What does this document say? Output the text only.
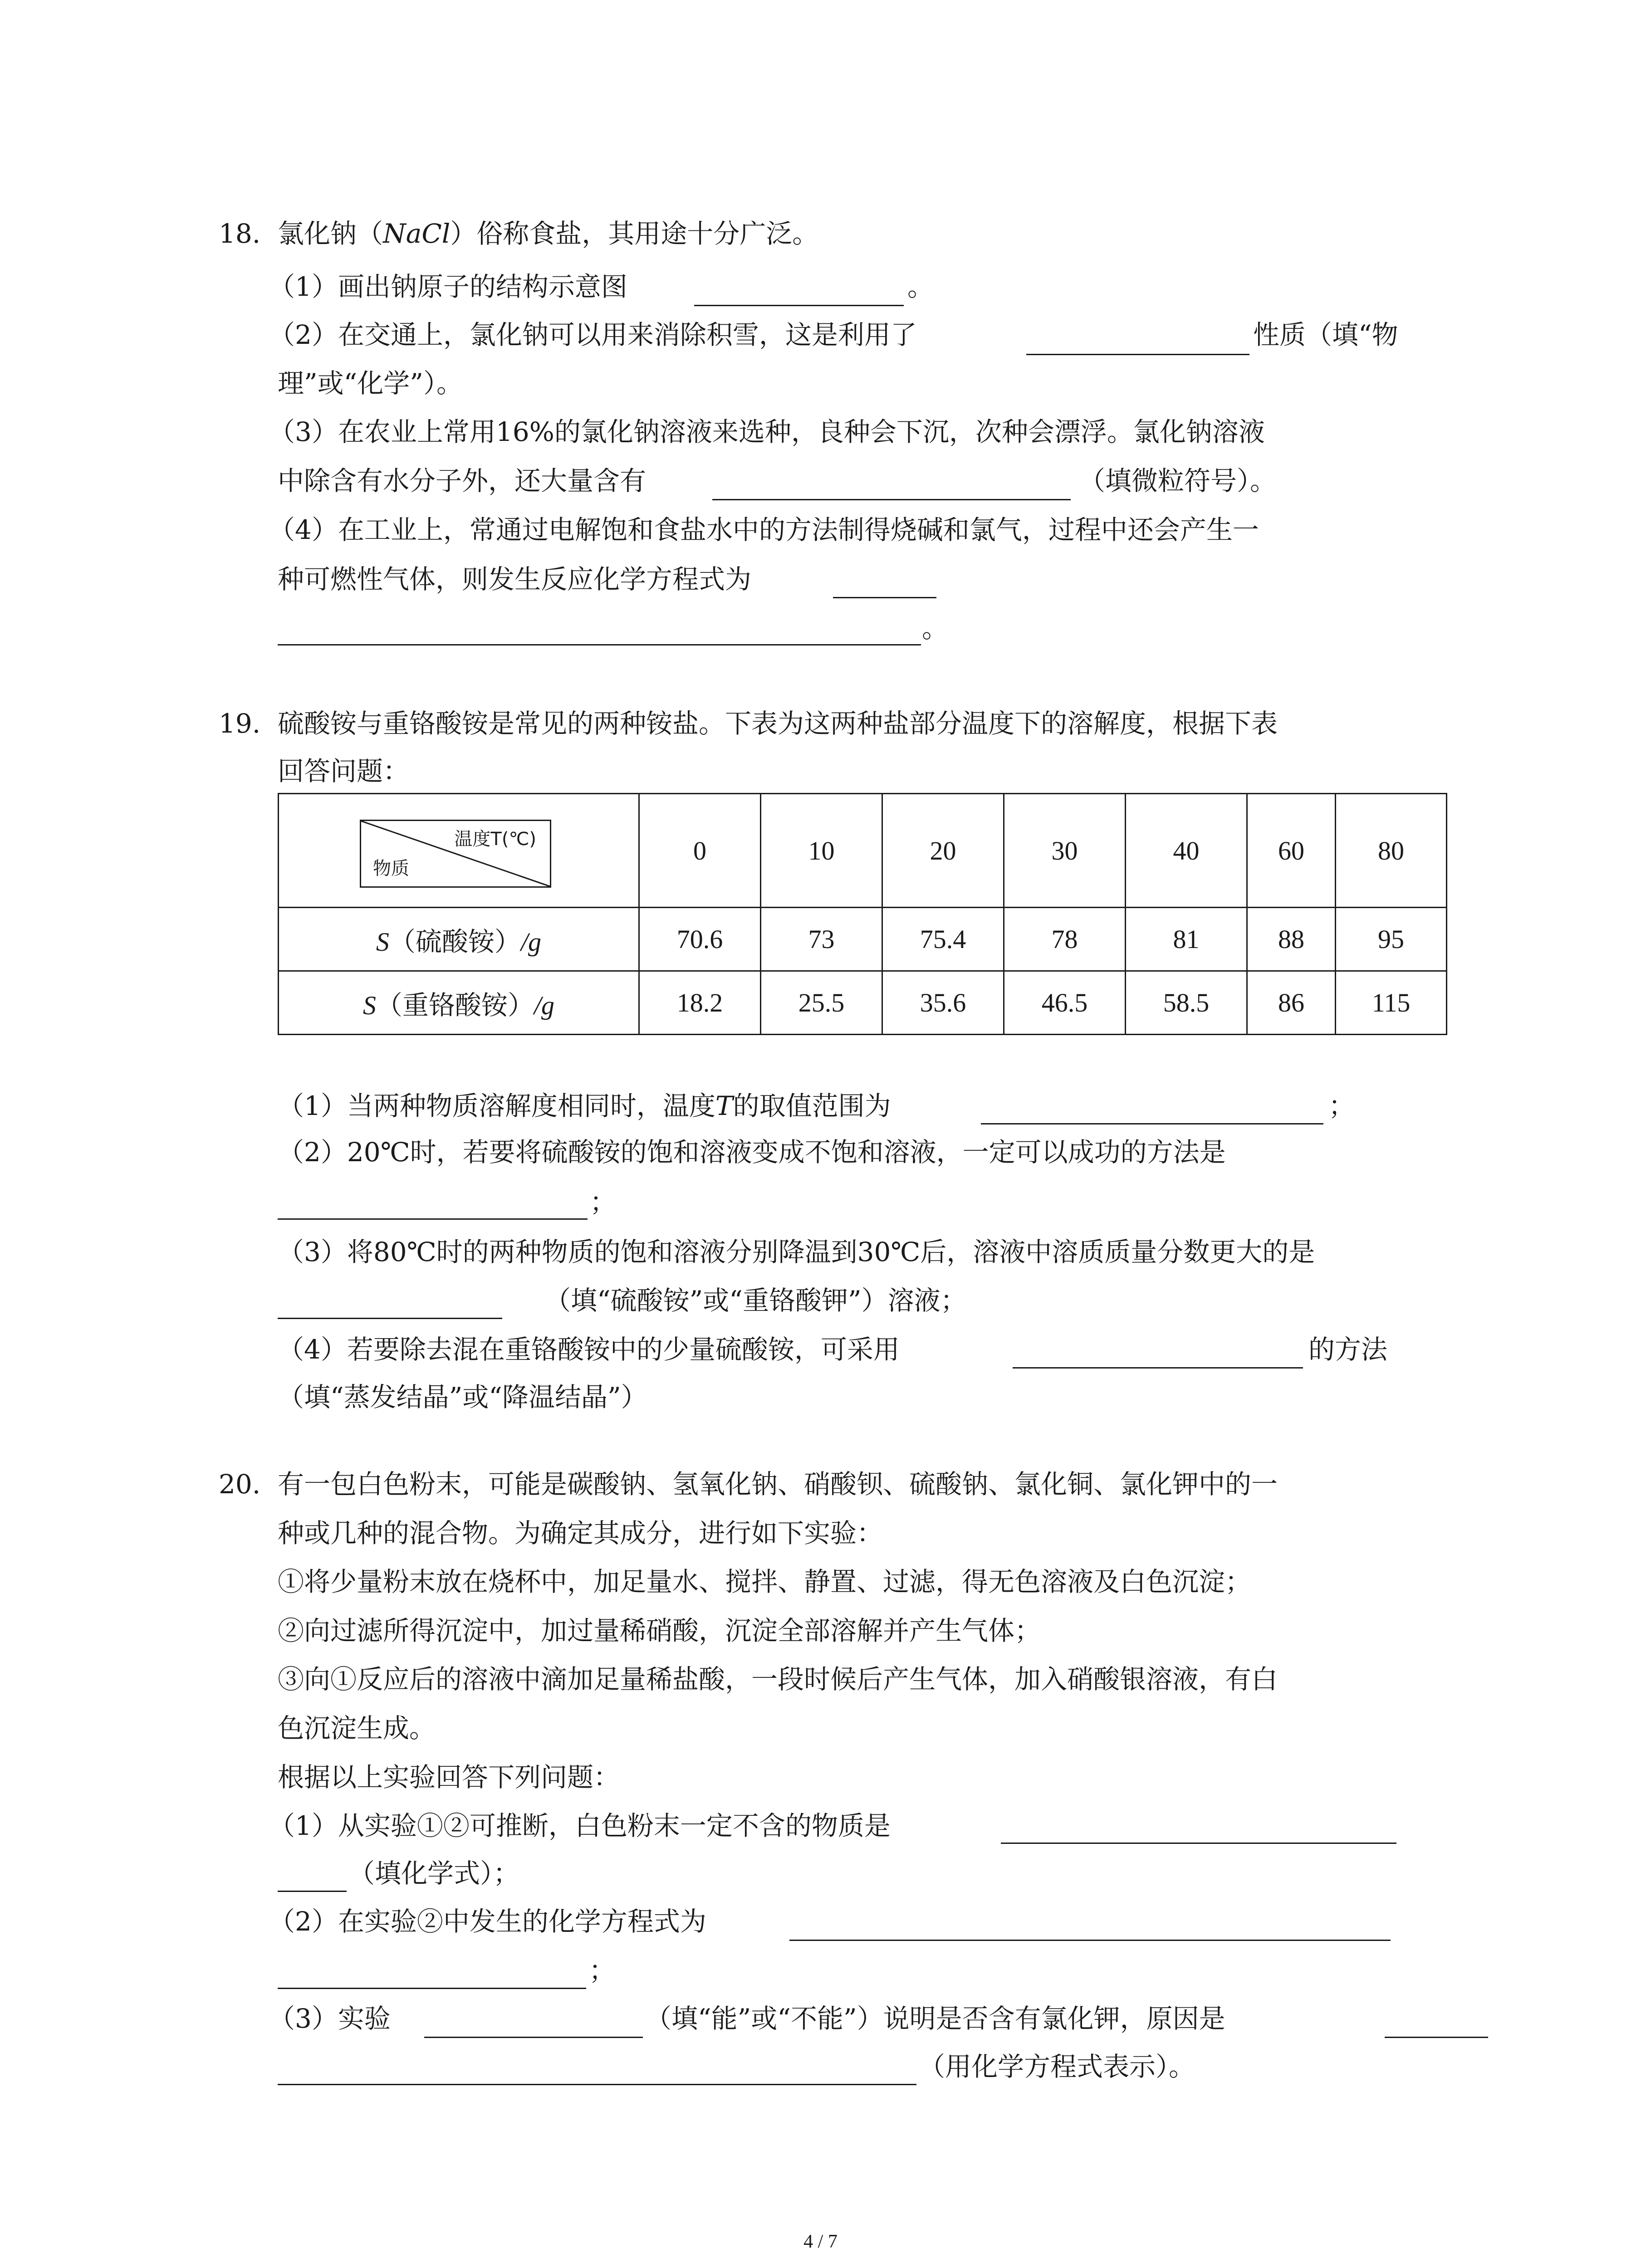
18. 氯化钠（NaCl）俗称食盐，其用途十分广泛。
（1）画出钠原子的结构示意图	。
（2）在交通上，氯化钠可以用来消除积雪，这是利用了	性质（填“物
理”或“化学”）。
（3）在农业上常用16%的氯化钠溶液来选种，良种会下沉，次种会漂浮。氯化钠溶液
中除含有水分子外，还大量含有	（填微粒符号）。
（4）在工业上，常通过电解饱和食盐水中的方法制得烧碱和氯气，过程中还会产生一
种可燃性气体，则发生反应化学方程式为
。
19. 硫酸铵与重铬酸铵是常见的两种铵盐。下表为这两种盐部分温度下的溶解度，根据下表
回答问题：
温度T(℃)
物质	0	10	20	30	40	60	80
S（硫酸铵）/g	70.6	73	75.4	78	81	88	95
S（重铬酸铵）/g	18.2	25.5	35.6	46.5	58.5	86	115
（1）当两种物质溶解度相同时，温度T的取值范围为	；
（2）20℃时，若要将硫酸铵的饱和溶液变成不饱和溶液，一定可以成功的方法是
；
（3）将80℃时的两种物质的饱和溶液分别降温到30℃后，溶液中溶质质量分数更大的是
（填“硫酸铵”或“重铬酸钾”）溶液；
（4）若要除去混在重铬酸铵中的少量硫酸铵，可采用	的方法
（填“蒸发结晶”或“降温结晶”）
20. 有一包白色粉末，可能是碳酸钠、氢氧化钠、硝酸钡、硫酸钠、氯化铜、氯化钾中的一
种或几种的混合物。为确定其成分，进行如下实验：
①将少量粉末放在烧杯中，加足量水、搅拌、静置、过滤，得无色溶液及白色沉淀；
②向过滤所得沉淀中，加过量稀硝酸，沉淀全部溶解并产生气体；
③向①反应后的溶液中滴加足量稀盐酸，一段时候后产生气体，加入硝酸银溶液，有白
色沉淀生成。
根据以上实验回答下列问题：
（1）从实验①②可推断，白色粉末一定不含的物质是
（填化学式）；
（2）在实验②中发生的化学方程式为
；
（3）实验	（填“能”或“不能”）说明是否含有氯化钾，原因是
（用化学方程式表示）。
4 / 7
